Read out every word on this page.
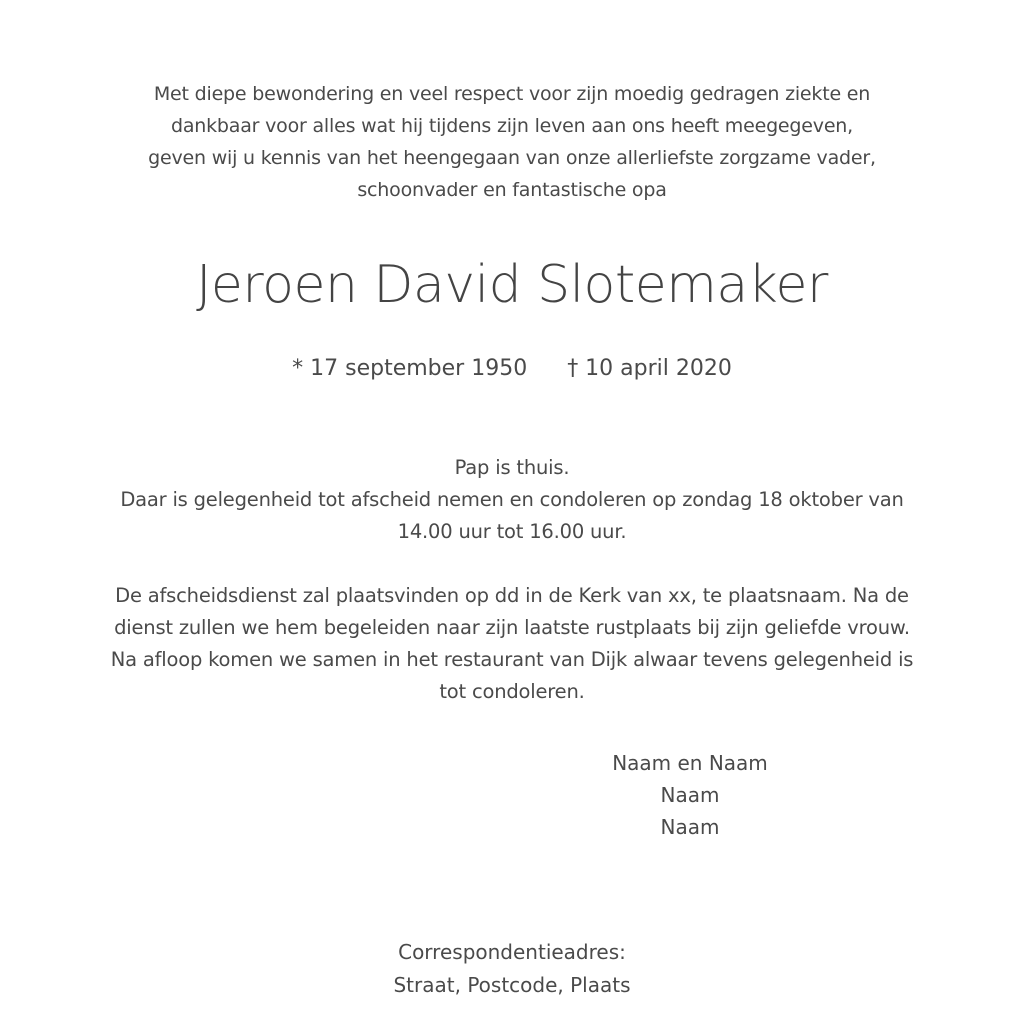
Met diepe bewondering en veel respect voor zijn moedig gedragen ziekte en
dankbaar voor alles wat hij tijdens zijn leven aan ons heeft meegegeven,
geven wij u kennis van het heengegaan van onze allerliefste zorgzame vader,
schoonvader en fantastische opa
Jeroen David Slotemaker
* 17 september 1950 † 10 april 2020
Pap is thuis.
Daar is gelegenheid tot afscheid nemen en condoleren op zondag 18 oktober van
14.00 uur tot 16.00 uur.
De afscheidsdienst zal plaatsvinden op dd in de Kerk van xx, te plaatsnaam. Na de
dienst zullen we hem begeleiden naar zijn laatste rustplaats bij zijn geliefde vrouw.
Na afloop komen we samen in het restaurant van Dijk alwaar tevens gelegenheid is
tot condoleren.
Naam en Naam
Naam
Naam
Correspondentieadres:
Straat, Postcode, Plaats
